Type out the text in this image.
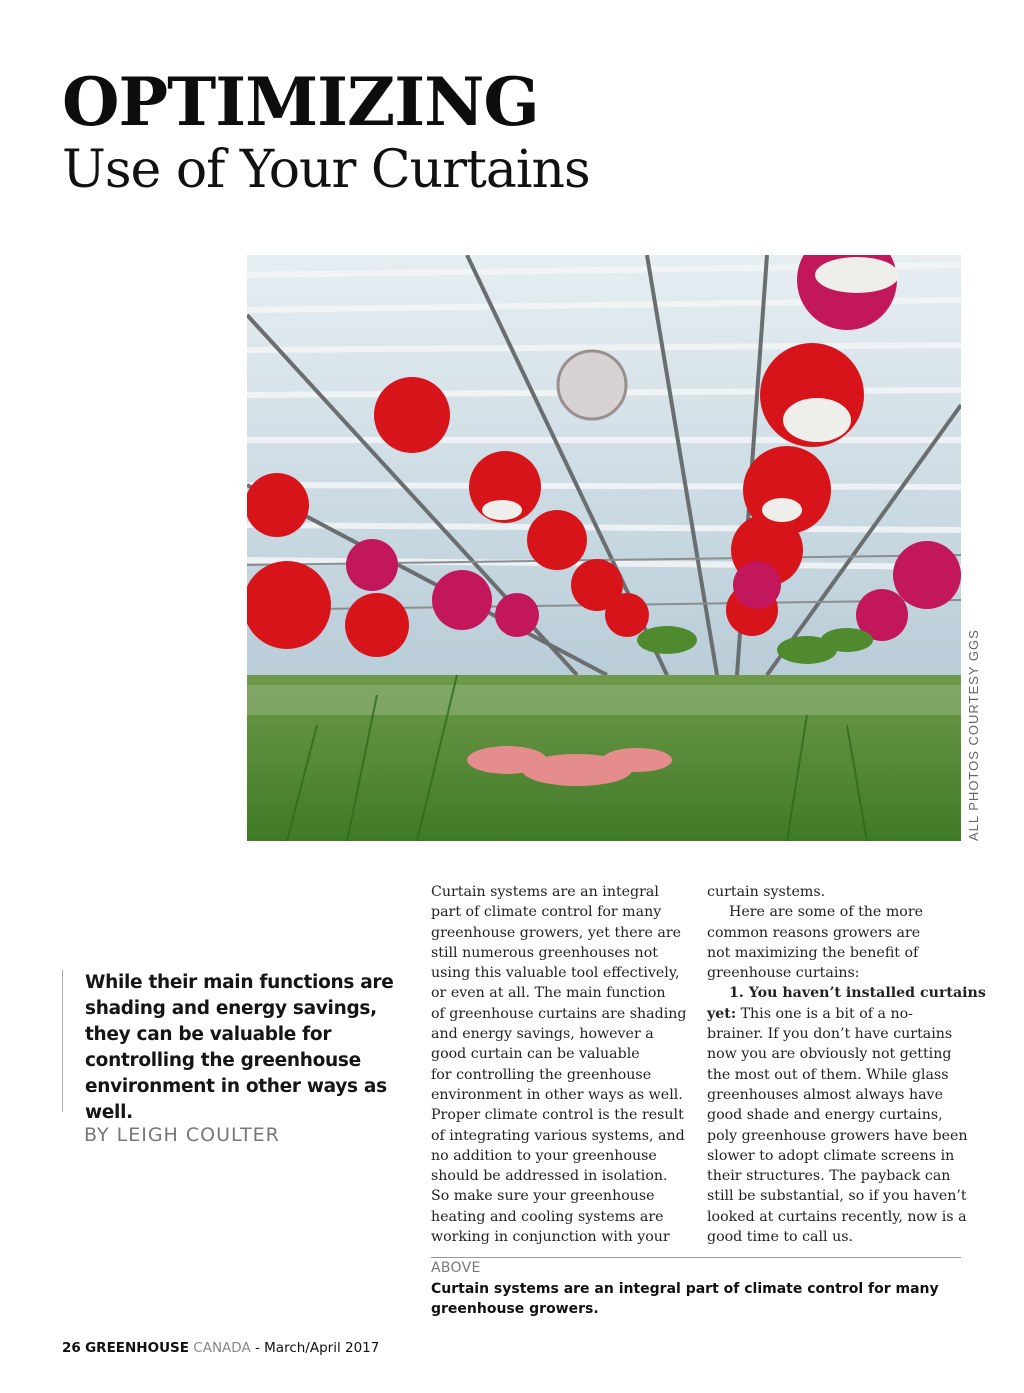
OPTIMIZING
Use of Your Curtains
ALL PHOTOS COURTESY GGS

While their main functions are shading and energy savings, they can be valuable for controlling the greenhouse environment in other ways as well.

BY LEIGH COULTER
Curtain systems are an integral
part of climate control for many
greenhouse growers, yet there are
still numerous greenhouses not
using this valuable tool effectively,
or even at all. The main function
of greenhouse curtains are shading
and energy savings, however a
good curtain can be valuable
for controlling the greenhouse
environment in other ways as well.
Proper climate control is the result
of integrating various systems, and
no addition to your greenhouse
should be addressed in isolation.
So make sure your greenhouse
heating and cooling systems are
working in conjunction with your
curtain systems.
Here are some of the more
common reasons growers are
not maximizing the benefit of
greenhouse curtains:
1. You haven’t installed curtains
yet: This one is a bit of a no-
brainer. If you don’t have curtains
now you are obviously not getting
the most out of them. While glass
greenhouses almost always have
good shade and energy curtains,
poly greenhouse growers have been
slower to adopt climate screens in
their structures. The payback can
still be substantial, so if you haven’t
looked at curtains recently, now is a
good time to call us.
ABOVE
Curtain systems are an integral part of climate control for many
greenhouse growers.
26 GREENHOUSE CANADA - March/April 2017
